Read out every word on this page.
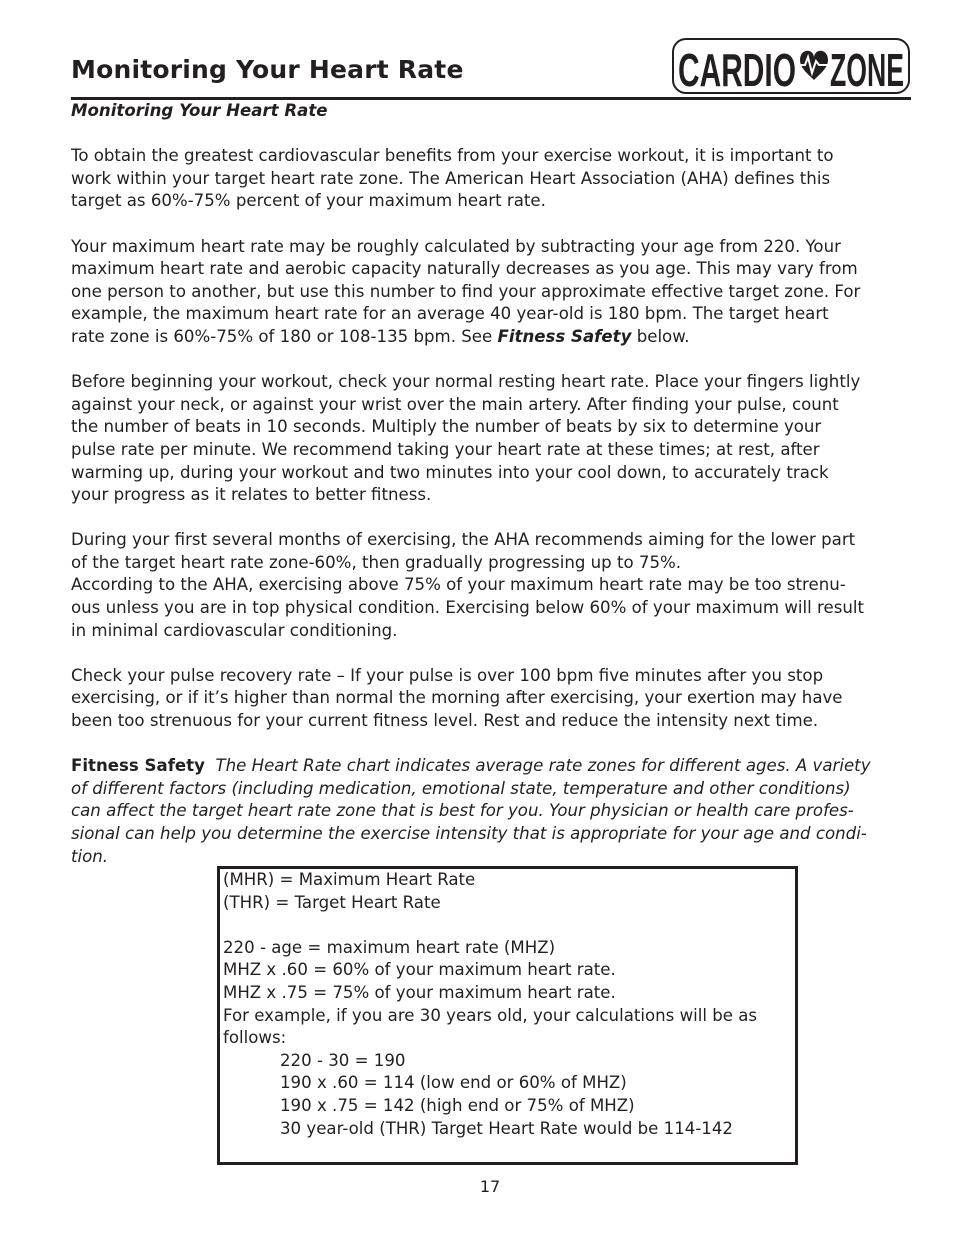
Monitoring Your Heart Rate	CARDIO ZONE

Monitoring Your Heart Rate

To obtain the greatest cardiovascular benefits from your exercise workout, it is important to

work within your target heart rate zone. The American Heart Association (AHA) defines this

target as 60%-75% percent of your maximum heart rate.

Your maximum heart rate may be roughly calculated by subtracting your age from 220. Your

maximum heart rate and aerobic capacity naturally decreases as you age. This may vary from

one person to another, but use this number to find your approximate effective target zone. For

example, the maximum heart rate for an average 40 year-old is 180 bpm. The target heart

rate zone is 60%-75% of 180 or 108-135 bpm. See Fitness Safety below.

Before beginning your workout, check your normal resting heart rate. Place your fingers lightly

against your neck, or against your wrist over the main artery. After finding your pulse, count

the number of beats in 10 seconds. Multiply the number of beats by six to determine your

pulse rate per minute. We recommend taking your heart rate at these times; at rest, after

warming up, during your workout and two minutes into your cool down, to accurately track

your progress as it relates to better fitness.

During your first several months of exercising, the AHA recommends aiming for the lower part

of the target heart rate zone-60%, then gradually progressing up to 75%.

According to the AHA, exercising above 75% of your maximum heart rate may be too strenu-

ous unless you are in top physical condition. Exercising below 60% of your maximum will result

in minimal cardiovascular conditioning.

Check your pulse recovery rate – If your pulse is over 100 bpm five minutes after you stop

exercising, or if it’s higher than normal the morning after exercising, your exertion may have

been too strenuous for your current fitness level. Rest and reduce the intensity next time.

Fitness Safety  The Heart Rate chart indicates average rate zones for different ages. A variety

of different factors (including medication, emotional state, temperature and other conditions)

can affect the target heart rate zone that is best for you. Your physician or health care profes-

sional can help you determine the exercise intensity that is appropriate for your age and condi-

tion.

(MHR) = Maximum Heart Rate

(THR) = Target Heart Rate

220 - age = maximum heart rate (MHZ)

MHZ x .60 = 60% of your maximum heart rate.

MHZ x .75 = 75% of your maximum heart rate.

For example, if you are 30 years old, your calculations will be as

follows:

220 - 30 = 190

190 x .60 = 114 (low end or 60% of MHZ)

190 x .75 = 142 (high end or 75% of MHZ)

30 year-old (THR) Target Heart Rate would be 114-142

17
